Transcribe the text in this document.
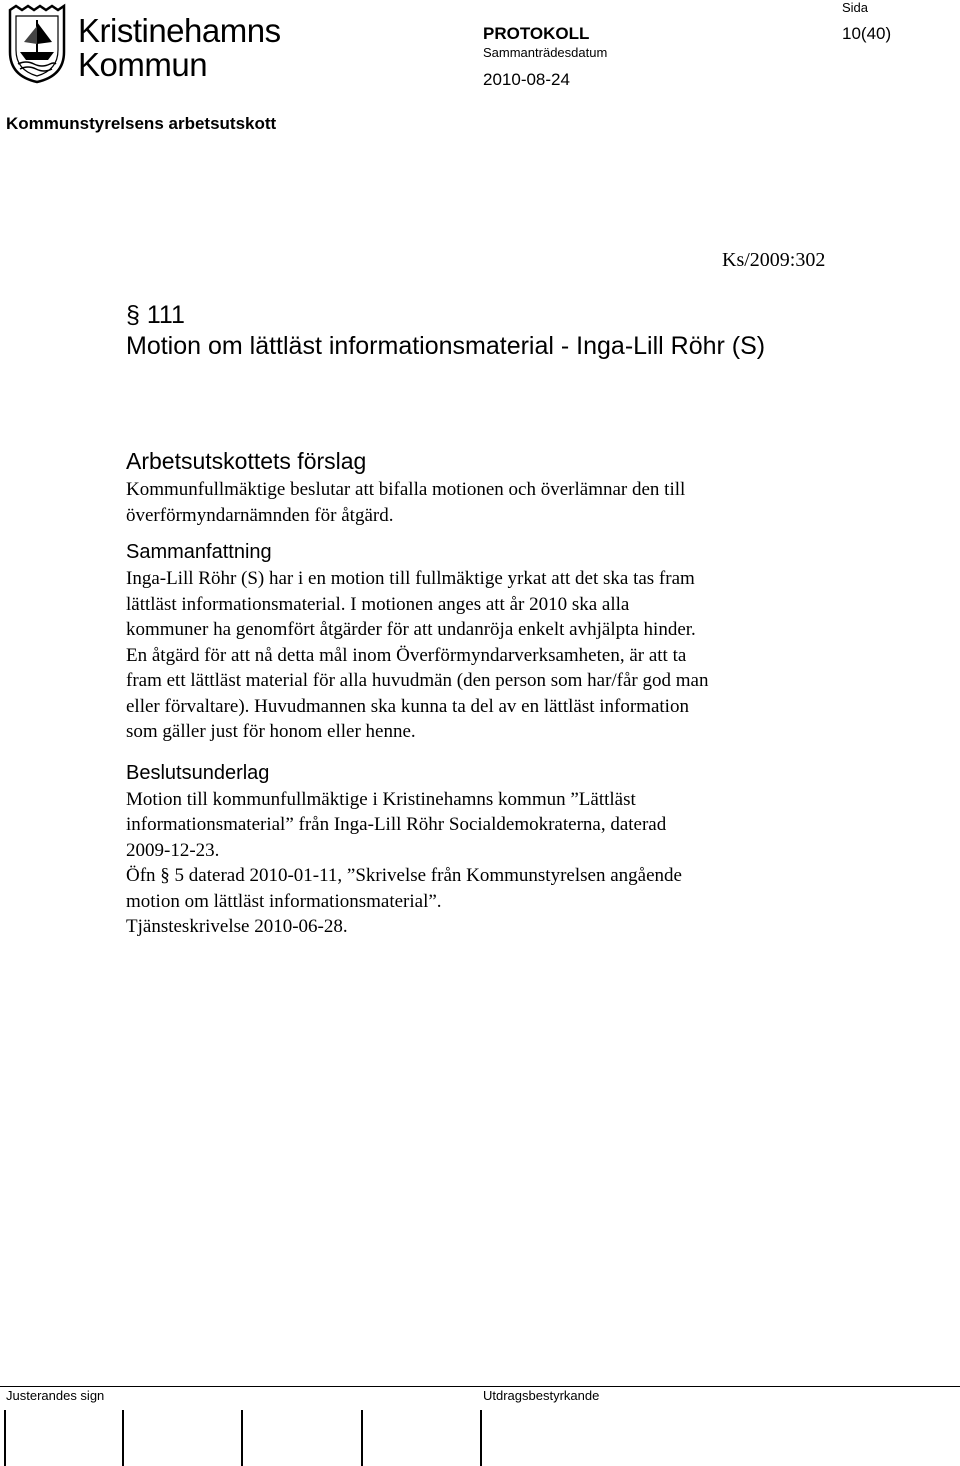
Kristinehamns
Kommun
PROTOKOLL
Sammanträdesdatum
2010-08-24
Sida
10(40)
Kommunstyrelsens arbetsutskott
Ks/2009:302
§ 111
Motion om lättläst informationsmaterial - Inga-Lill Röhr (S)
Arbetsutskottets förslag
Kommunfullmäktige beslutar att bifalla motionen och överlämnar den till
överförmyndarnämnden för åtgärd.
Sammanfattning
Inga-Lill Röhr (S) har i en motion till fullmäktige yrkat att det ska tas fram
lättläst informationsmaterial. I motionen anges att år 2010 ska alla
kommuner ha genomfört åtgärder för att undanröja enkelt avhjälpta hinder.
En åtgärd för att nå detta mål inom Överförmyndarverksamheten, är att ta
fram ett lättläst material för alla huvudmän (den person som har/får god man
eller förvaltare). Huvudmannen ska kunna ta del av en lättläst information
som gäller just för honom eller henne.
Beslutsunderlag
Motion till kommunfullmäktige i Kristinehamns kommun ”Lättläst
informationsmaterial” från Inga-Lill Röhr Socialdemokraterna, daterad
2009-12-23.
Öfn § 5 daterad 2010-01-11, ”Skrivelse från Kommunstyrelsen angående
motion om lättläst informationsmaterial”.
Tjänsteskrivelse 2010-06-28.
Justerandes sign	Utdragsbestyrkande
